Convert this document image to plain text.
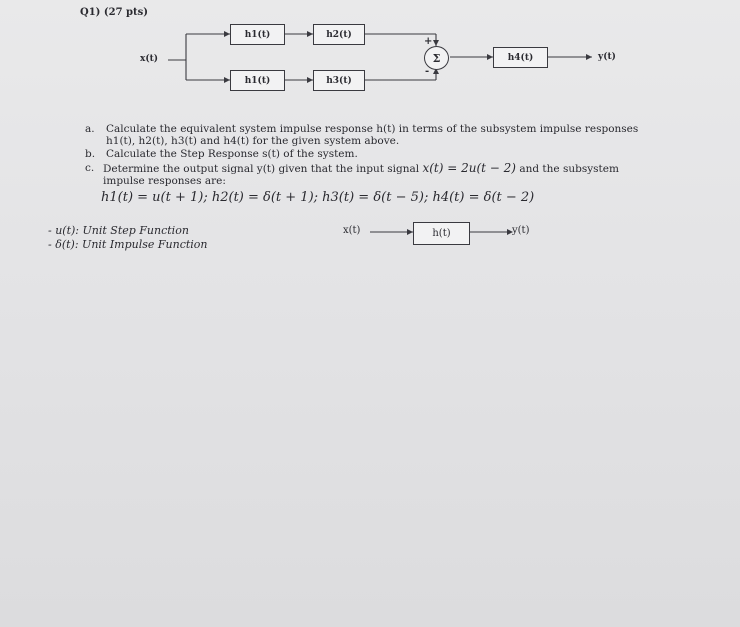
Q1) (27 pts)
x(t)
h1(t)	h2(t)
h1(t)	h3(t)
Σ
+
-
h4(t)	y(t)
a. Calculate the equivalent system impulse response h(t) in terms of the subsystem impulse responses
h1(t), h2(t), h3(t) and h4(t) for the given system above.
b. Calculate the Step Response s(t) of the system.
c. Determine the output signal y(t) given that the input signal x(t) = 2u(t − 2) and the subsystem
impulse responses are:
h1(t) = u(t + 1); h2(t) = δ(t + 1); h3(t) = δ(t − 5); h4(t) = δ(t − 2)
- u(t): Unit Step Function
- δ(t): Unit Impulse Function
x(t)	h(t)	y(t)
